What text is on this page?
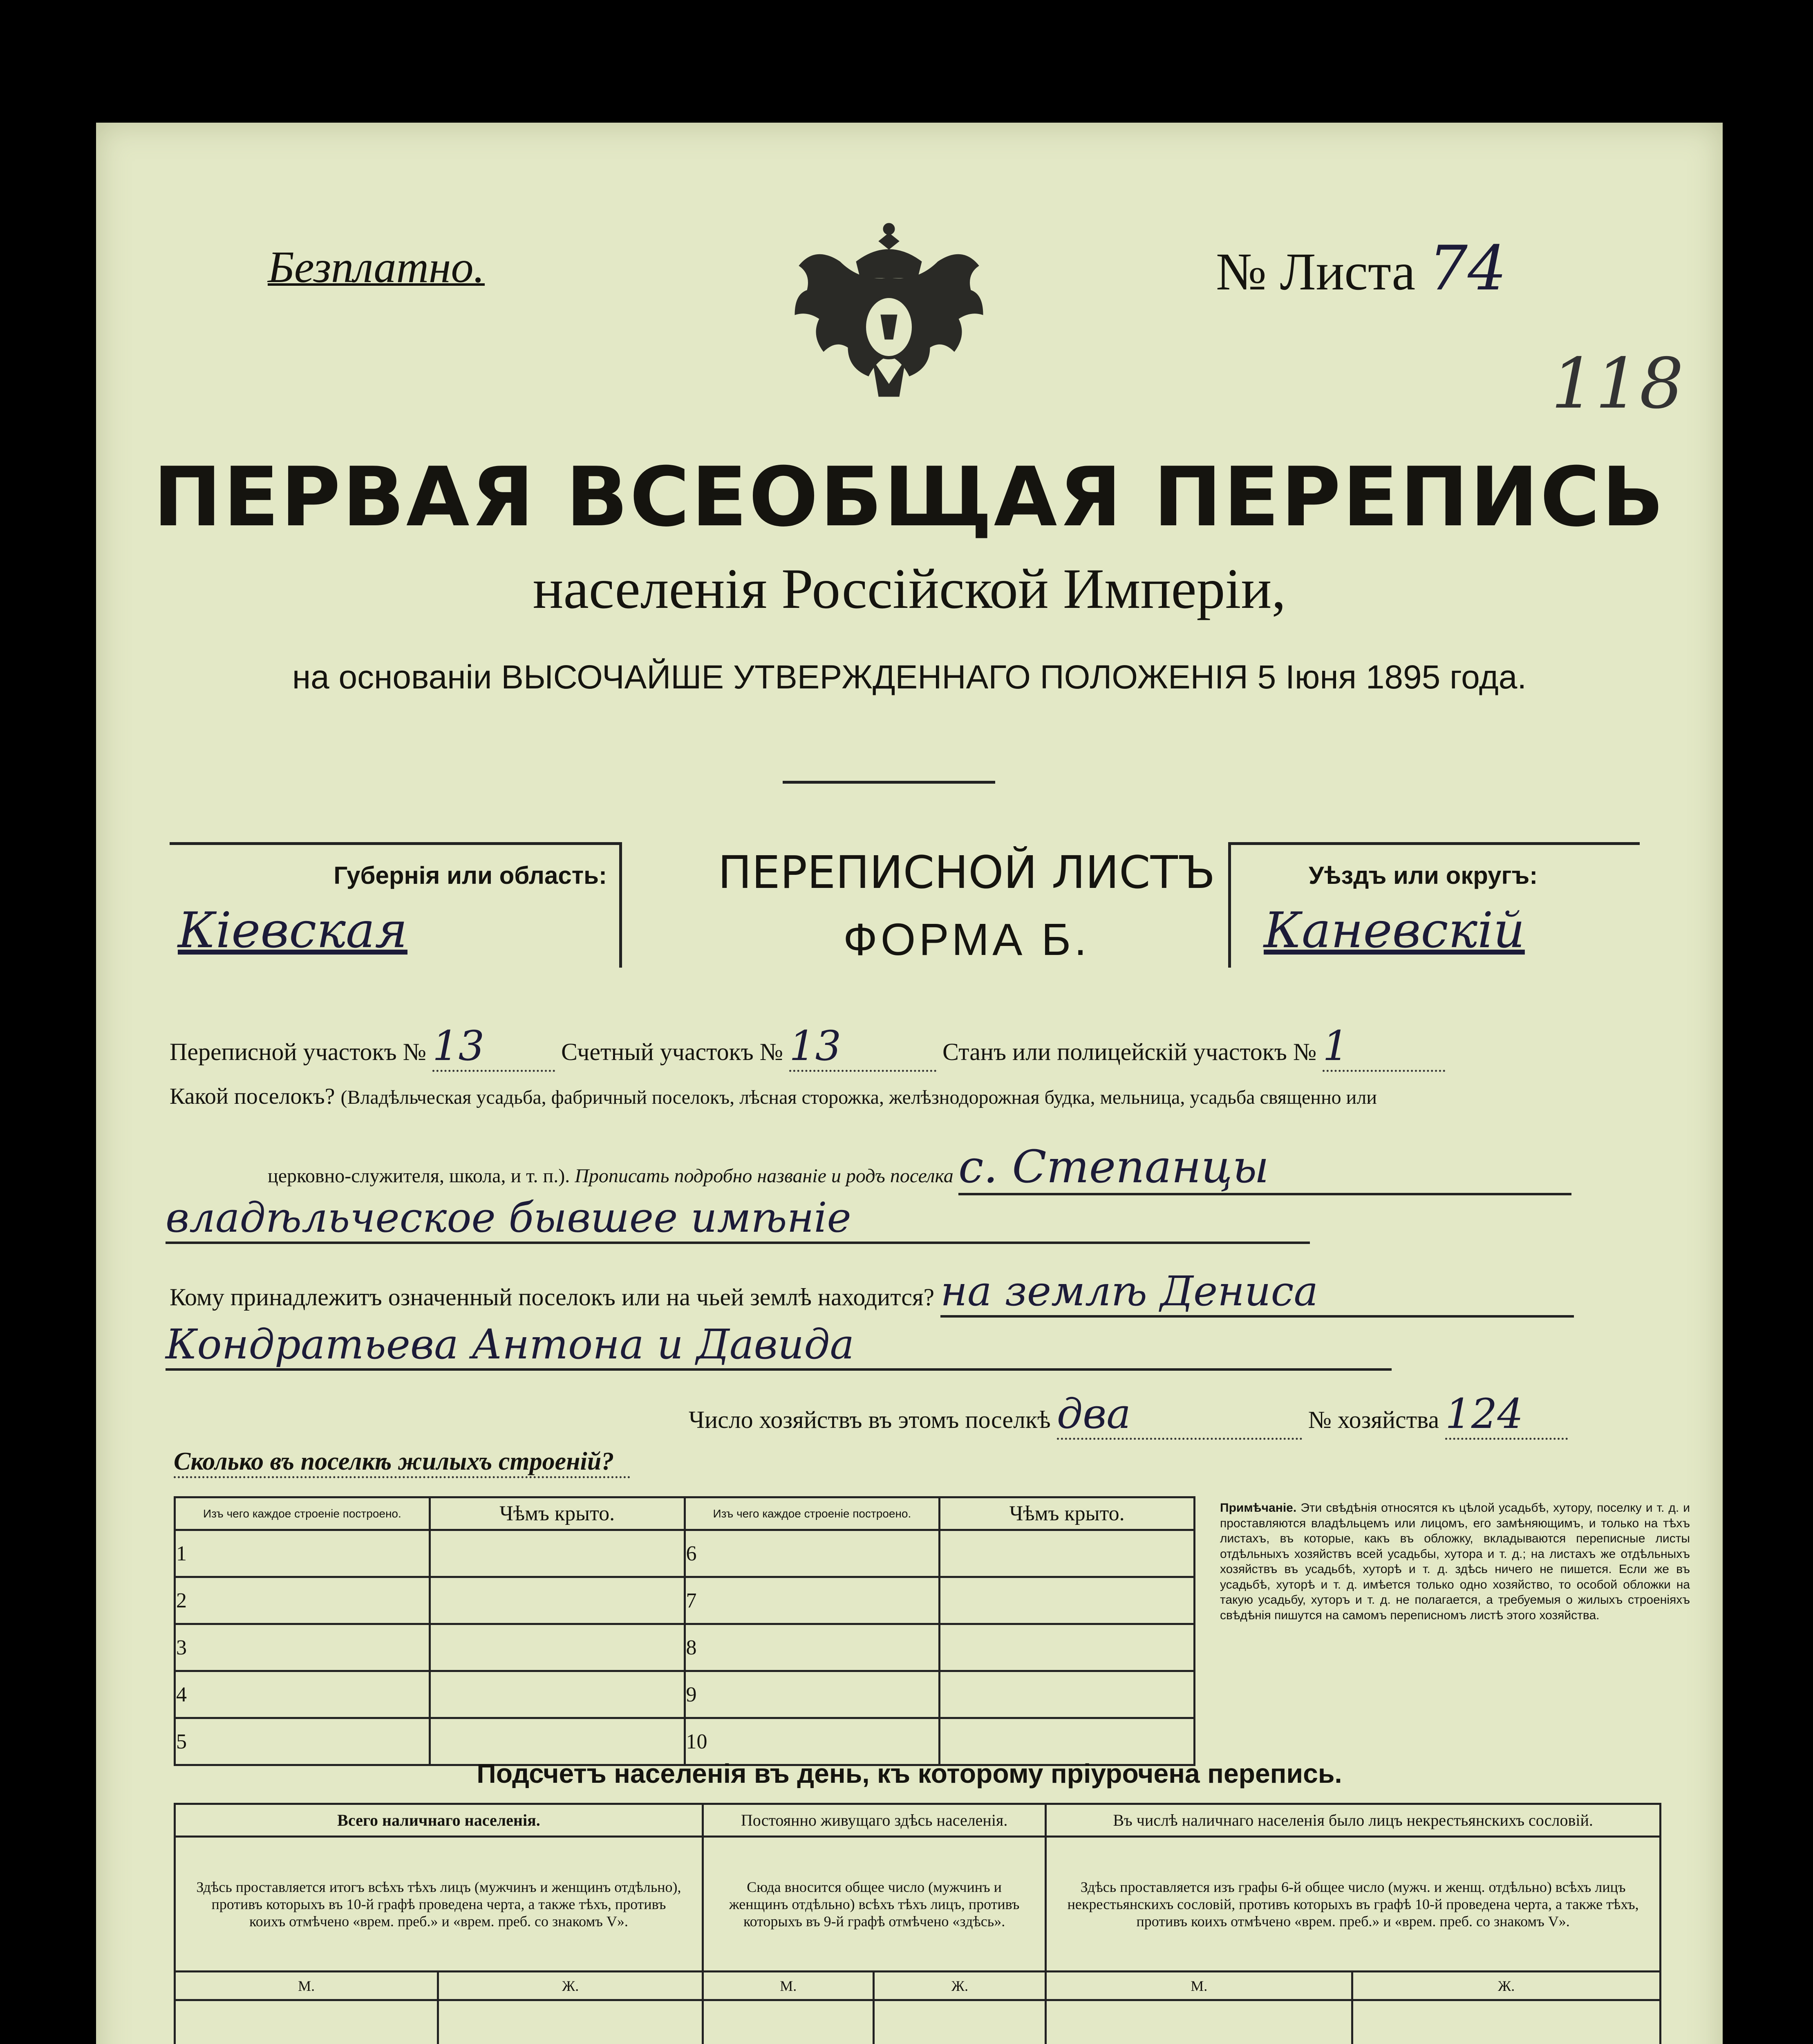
Безплатно.	№ Листа 74
118
ПЕРВАЯ ВСЕОБЩАЯ ПЕРЕПИСЬ
населенія Россійской Имперіи,
на основаніи ВЫСОЧАЙШЕ УТВЕРЖДЕННАГО ПОЛОЖЕНІЯ 5 Іюня 1895 года.
Губернія или область:
Кіевская
ПЕРЕПИСНОЙ ЛИСТЪ
ФОРМА Б.
Уѣздъ или округъ:
Каневскій
Переписной участокъ № 13	Счетный участокъ № 13	Станъ или полицейскій участокъ № 1
Какой поселокъ? (Владѣльческая усадьба, фабричный поселокъ, лѣсная сторожка, желѣзнодорожная будка, мельница, усадьба священно или
церковно-служителя, школа, и т. п.). Прописать подробно названіе и родъ поселка с. Степанцы
владѣльческое бывшее имѣніе
Кому принадлежитъ означенный поселокъ или на чьей землѣ находится? на землѣ Дениса
Кондратьева Антона и Давида
Число хозяйствъ въ этомъ поселкѣ два	№ хозяйства 124
Сколько въ поселкѣ жилыхъ строеній?
Изъ чего каждое строеніе построено.	Чѣмъ крыто.	Изъ чего каждое строеніе построено.	Чѣмъ крыто.
1		6	
2		7	
3		8	
4		9	
5		10	
Примѣчаніе. Эти свѣдѣнія относятся къ цѣлой усадьбѣ, хутору, поселку и т. д. и проставляются владѣльцемъ или лицомъ, его замѣняющимъ, и только на тѣхъ листахъ, въ которые, какъ въ обложку, вкладываются переписные листы отдѣльныхъ хозяйствъ всей усадьбы, хутора и т. д.; на листахъ же отдѣльныхъ хозяйствъ въ усадьбѣ, хуторѣ и т. д. здѣсь ничего не пишется. Если же въ усадьбѣ, хуторѣ и т. д. имѣется только одно хозяйство, то особой обложки на такую усадьбу, хуторъ и т. д. не полагается, а требуемыя о жилыхъ строеніяхъ свѣдѣнія пишутся на самомъ переписномъ листѣ этого хозяйства.
Подсчетъ населенія въ день, къ которому пріурочена перепись.
Всего наличнаго населенія.		Постоянно живущаго здѣсь населенія.		Въ числѣ наличнаго населенія было лицъ некрестьянскихъ сословій.	
Здѣсь проставляется итогъ всѣхъ тѣхъ лицъ (мужчинъ и женщинъ отдѣльно), противъ которыхъ въ 10-й графѣ проведена черта, а также тѣхъ, противъ коихъ отмѣчено «врем. преб.» и «врем. преб. со знакомъ V».		Сюда вносится общее число (мужчинъ и женщинъ отдѣльно) всѣхъ тѣхъ лицъ, противъ которыхъ въ 9-й графѣ отмѣчено «здѣсь».		Здѣсь проставляется изъ графы 6-й общее число (мужч. и женщ. отдѣльно) всѣхъ лицъ некрестьянскихъ сословій, противъ которыхъ въ графѣ 10-й проведена черта, а также тѣхъ, противъ коихъ отмѣчено «врем. преб.» и «врем. преб. со знакомъ V».	
М.	Ж.	М.	Ж.	М.	Ж.
